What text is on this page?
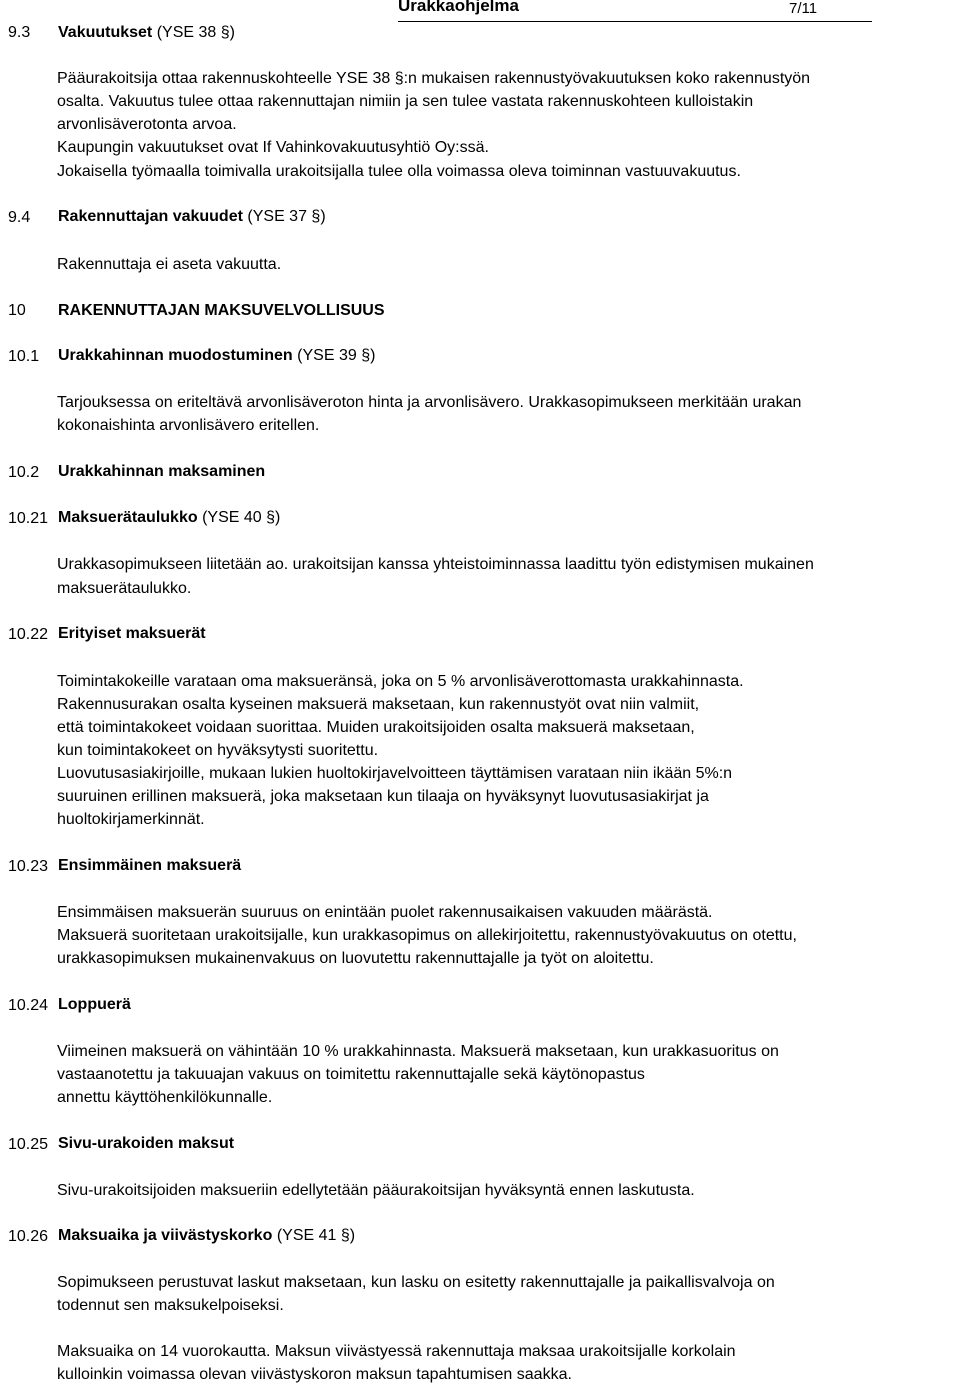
Urakkaohjelma	7/11
9.3 Vakuutukset (YSE 38 §)
Pääurakoitsija ottaa rakennuskohteelle YSE 38 §:n mukaisen rakennustyövakuutuksen koko rakennustyön
osalta. Vakuutus tulee ottaa rakennuttajan nimiin ja sen tulee vastata rakennuskohteen kulloistakin
arvonlisäverotonta arvoa.
Kaupungin vakuutukset ovat If Vahinkovakuutusyhtiö Oy:ssä.
Jokaisella työmaalla toimivalla urakoitsijalla tulee olla voimassa oleva toiminnan vastuuvakuutus.
9.4 Rakennuttajan vakuudet (YSE 37 §)
Rakennuttaja ei aseta vakuutta.
10 RAKENNUTTAJAN MAKSUVELVOLLISUUS
10.1 Urakkahinnan muodostuminen (YSE 39 §)
Tarjouksessa on eriteltävä arvonlisäveroton hinta ja arvonlisävero. Urakkasopimukseen merkitään urakan
kokonaishinta arvonlisävero eritellen.
10.2 Urakkahinnan maksaminen
10.21 Maksuerätaulukko (YSE 40 §)
Urakkasopimukseen liitetään ao. urakoitsijan kanssa yhteistoiminnassa laadittu työn edistymisen mukainen
maksuerätaulukko.
10.22 Erityiset maksuerät
Toimintakokeille varataan oma maksueränsä, joka on 5 % arvonlisäverottomasta urakkahinnasta.
Rakennusurakan osalta kyseinen maksuerä maksetaan, kun rakennustyöt ovat niin valmiit,
että toimintakokeet voidaan suorittaa. Muiden urakoitsijoiden osalta maksuerä maksetaan,
kun toimintakokeet on hyväksytysti suoritettu.
Luovutusasiakirjoille, mukaan lukien huoltokirjavelvoitteen täyttämisen varataan niin ikään 5%:n
suuruinen erillinen maksuerä, joka maksetaan kun tilaaja on hyväksynyt luovutusasiakirjat ja
huoltokirjamerkinnät.
10.23 Ensimmäinen maksuerä
Ensimmäisen maksuerän suuruus on enintään puolet rakennusaikaisen vakuuden määrästä.
Maksuerä suoritetaan urakoitsijalle, kun urakkasopimus on allekirjoitettu, rakennustyövakuutus on otettu,
urakkasopimuksen mukainenvakuus on luovutettu rakennuttajalle ja työt on aloitettu.
10.24 Loppuerä
Viimeinen maksuerä on vähintään 10 % urakkahinnasta. Maksuerä maksetaan, kun urakkasuoritus on
vastaanotettu ja takuuajan vakuus on toimitettu rakennuttajalle sekä käytönopastus
annettu käyttöhenkilökunnalle.
10.25 Sivu-urakoiden maksut
Sivu-urakoitsijoiden maksueriin edellytetään pääurakoitsijan hyväksyntä ennen laskutusta.
10.26 Maksuaika ja viivästyskorko (YSE 41 §)
Sopimukseen perustuvat laskut maksetaan, kun lasku on esitetty rakennuttajalle ja paikallisvalvoja on
todennut sen maksukelpoiseksi.
Maksuaika on 14 vuorokautta. Maksun viivästyessä rakennuttaja maksaa urakoitsijalle korkolain
kulloinkin voimassa olevan viivästyskoron maksun tapahtumisen saakka.
